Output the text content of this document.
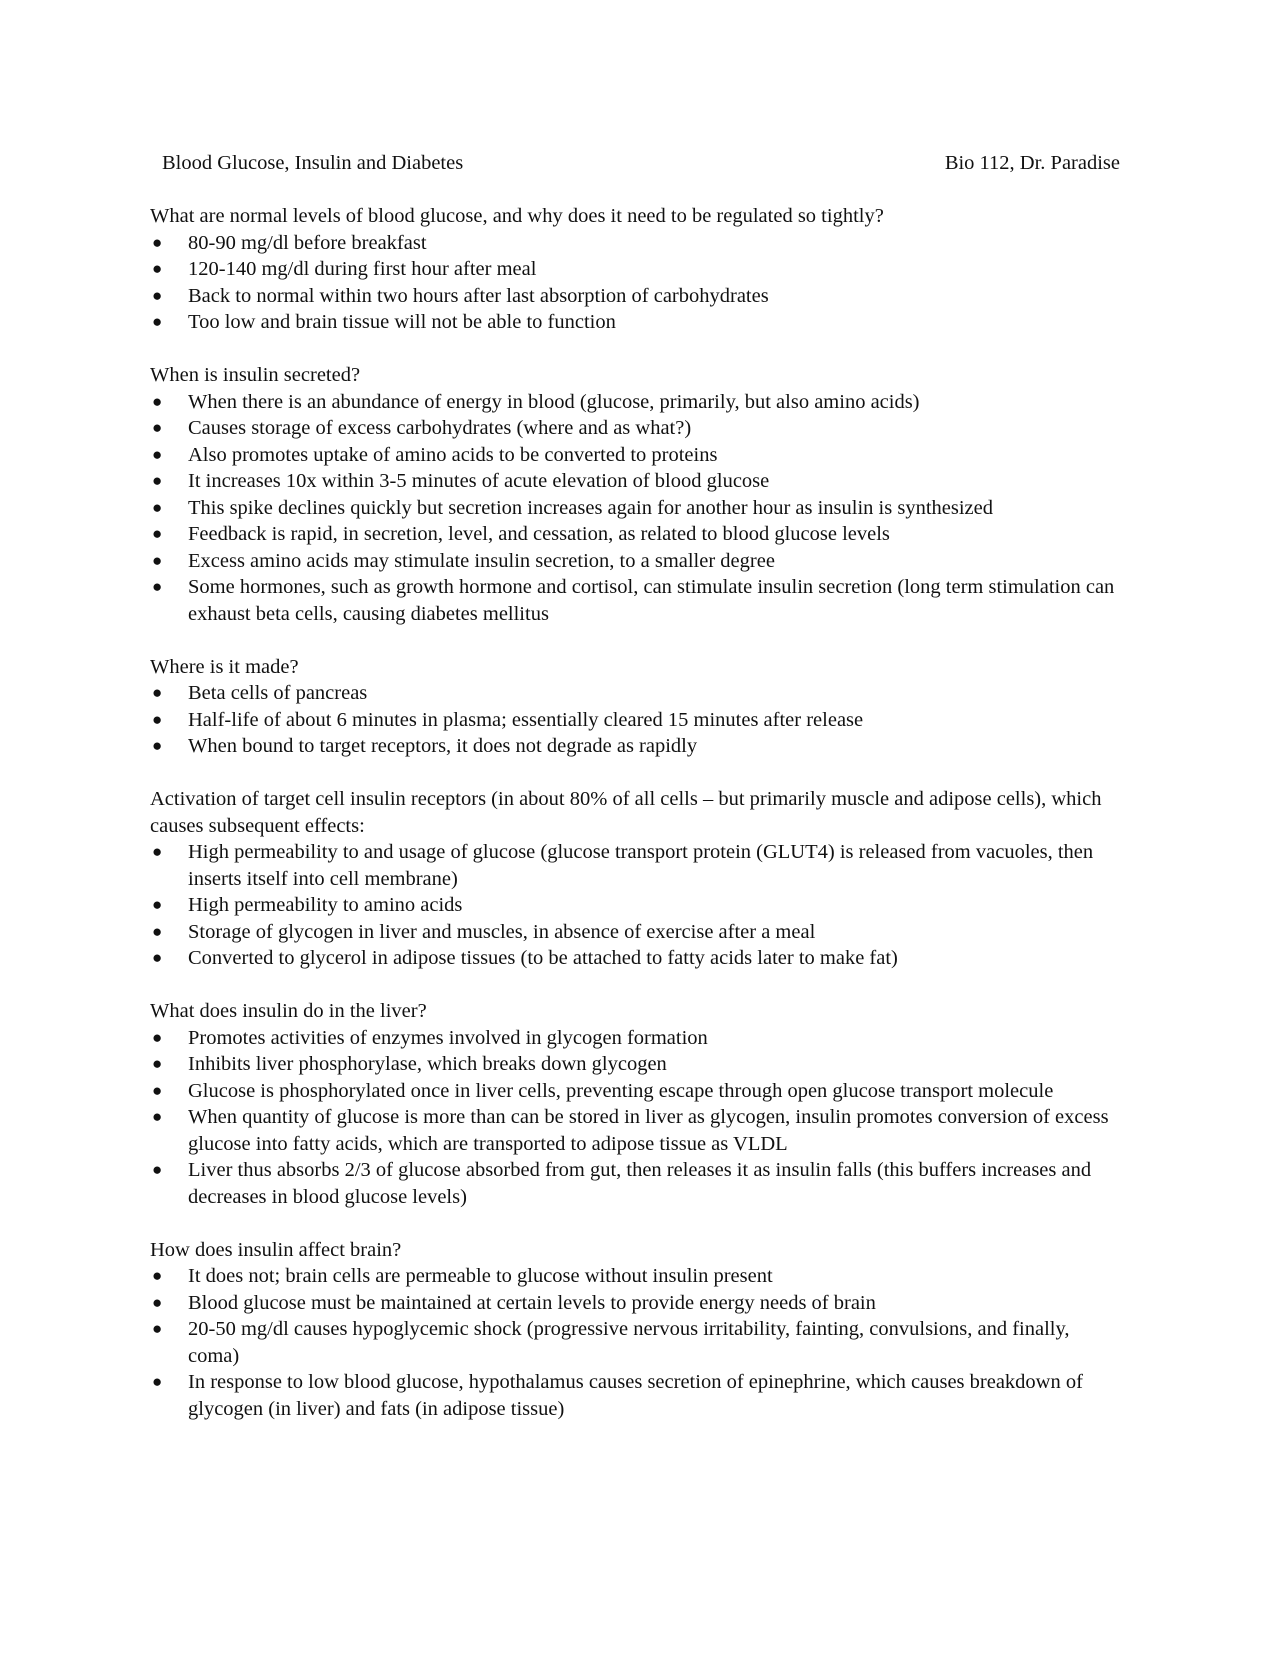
Blood Glucose, Insulin and Diabetes	Bio 112, Dr. Paradise

What are normal levels of blood glucose, and why does it need to be regulated so tightly?

● 80-90 mg/dl before breakfast
● 120-140 mg/dl during first hour after meal
● Back to normal within two hours after last absorption of carbohydrates
● Too low and brain tissue will not be able to function

When is insulin secreted?

● When there is an abundance of energy in blood (glucose, primarily, but also amino acids)
● Causes storage of excess carbohydrates (where and as what?)
● Also promotes uptake of amino acids to be converted to proteins
● It increases 10x within 3-5 minutes of acute elevation of blood glucose
● This spike declines quickly but secretion increases again for another hour as insulin is synthesized
● Feedback is rapid, in secretion, level, and cessation, as related to blood glucose levels
● Excess amino acids may stimulate insulin secretion, to a smaller degree
● Some hormones, such as growth hormone and cortisol, can stimulate insulin secretion (long term stimulation can exhaust beta cells, causing diabetes mellitus

Where is it made?

● Beta cells of pancreas
● Half-life of about 6 minutes in plasma; essentially cleared 15 minutes after release
● When bound to target receptors, it does not degrade as rapidly

Activation of target cell insulin receptors (in about 80% of all cells – but primarily muscle and adipose cells), which causes subsequent effects:

● High permeability to and usage of glucose (glucose transport protein (GLUT4) is released from vacuoles, then inserts itself into cell membrane)
● High permeability to amino acids
● Storage of glycogen in liver and muscles, in absence of exercise after a meal
● Converted to glycerol in adipose tissues (to be attached to fatty acids later to make fat)

What does insulin do in the liver?

● Promotes activities of enzymes involved in glycogen formation
● Inhibits liver phosphorylase, which breaks down glycogen
● Glucose is phosphorylated once in liver cells, preventing escape through open glucose transport molecule
● When quantity of glucose is more than can be stored in liver as glycogen, insulin promotes conversion of excess glucose into fatty acids, which are transported to adipose tissue as VLDL
● Liver thus absorbs 2/3 of glucose absorbed from gut, then releases it as insulin falls (this buffers increases and decreases in blood glucose levels)

How does insulin affect brain?

● It does not; brain cells are permeable to glucose without insulin present
● Blood glucose must be maintained at certain levels to provide energy needs of brain
● 20-50 mg/dl causes hypoglycemic shock (progressive nervous irritability, fainting, convulsions, and finally, coma)
● In response to low blood glucose, hypothalamus causes secretion of epinephrine, which causes breakdown of glycogen (in liver) and fats (in adipose tissue)
